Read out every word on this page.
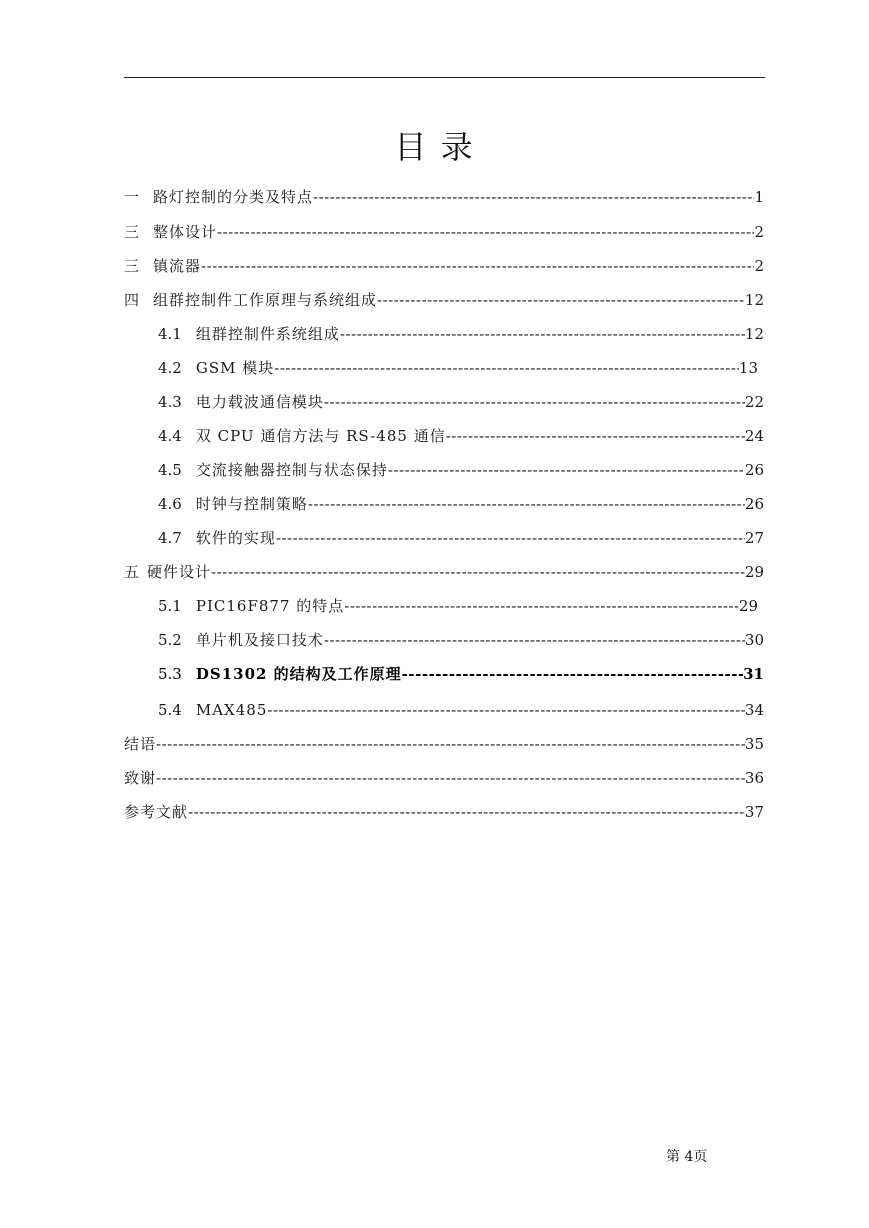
目 录
一 路灯控制的分类及特点 -----	1
三 整体设计 -----	2
三 镇流器 -----	2
四 组群控制件工作原理与系统组成 -----	12
4.1 组群控制件系统组成 -----	12
4.2 GSM 模块 -----	13
4.3 电力载波通信模块 -----	22
4.4 双 CPU 通信方法与 RS-485 通信 -----	24
4.5 交流接触器控制与状态保持 -----	26
4.6 时钟与控制策略 -----	26
4.7 软件的实现 -----	27
五 硬件设计 -----	29
5.1 PIC16F877 的特点 -----	29
5.2 单片机及接口技术 -----	30
5.3 DS1302 的结构及工作原理 -----	31
5.4 MAX485 -----	34
结语 -----	35
致谢 -----	36
参考文献 -----	37
第 4页
